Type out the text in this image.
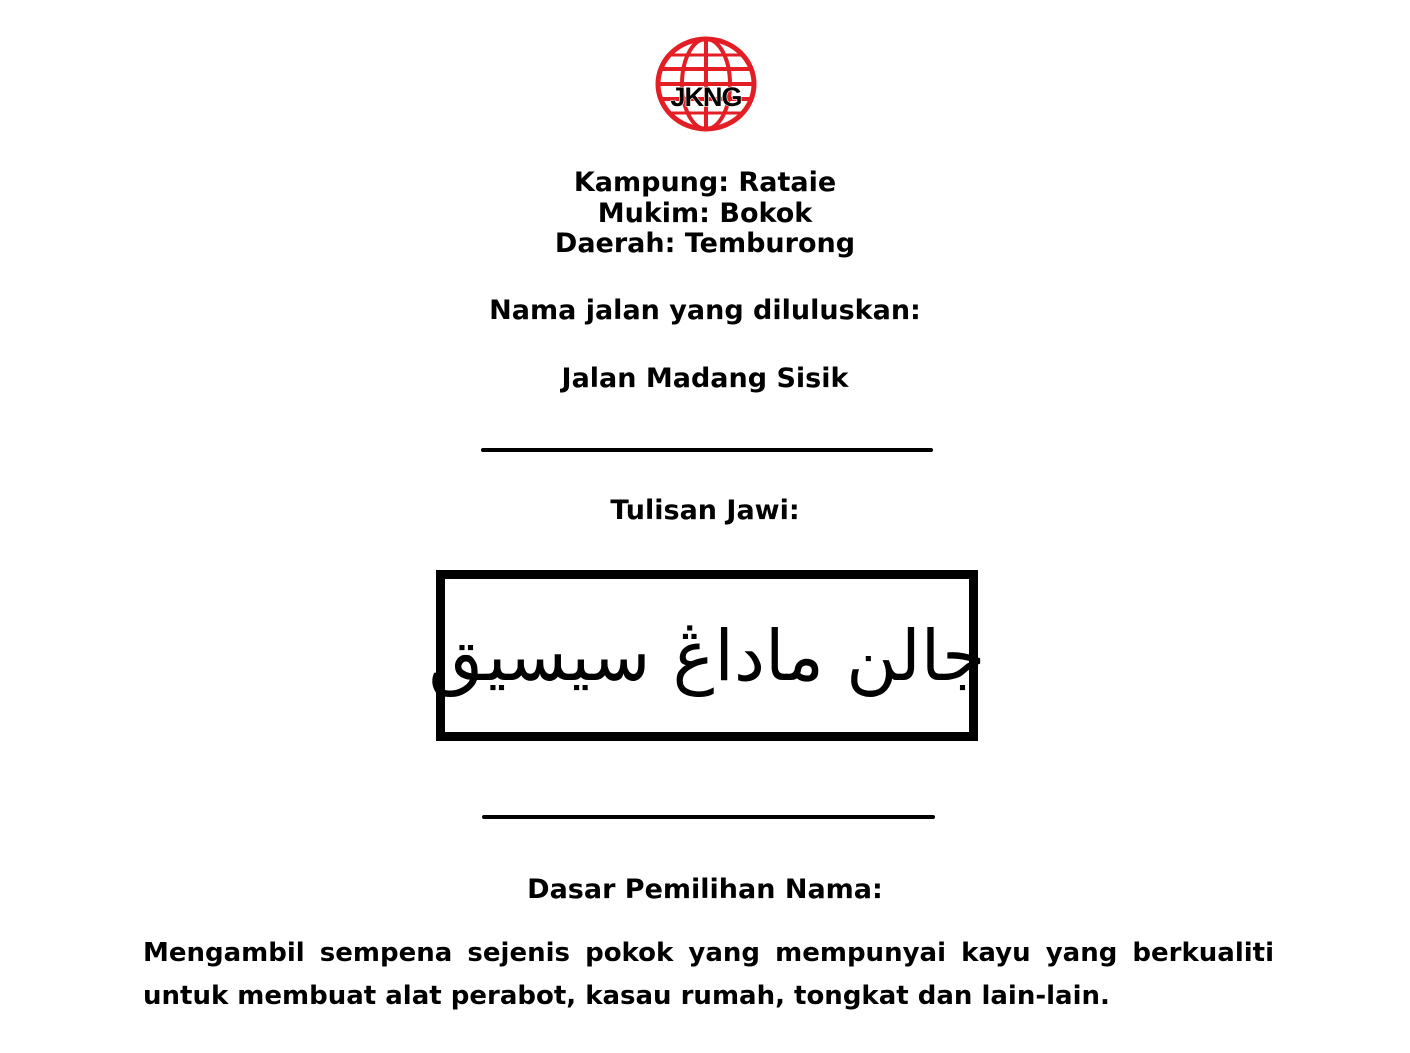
JKNG
Kampung: Rataie
Mukim: Bokok
Daerah: Temburong
Nama jalan yang diluluskan:
Jalan Madang Sisik
Tulisan Jawi:
جالن ماداڠ سيسيق
Dasar Pemilihan Nama:
Mengambil sempena sejenis pokok yang mempunyai kayu yang berkualiti untuk membuat alat perabot, kasau rumah, tongkat dan lain-lain.
